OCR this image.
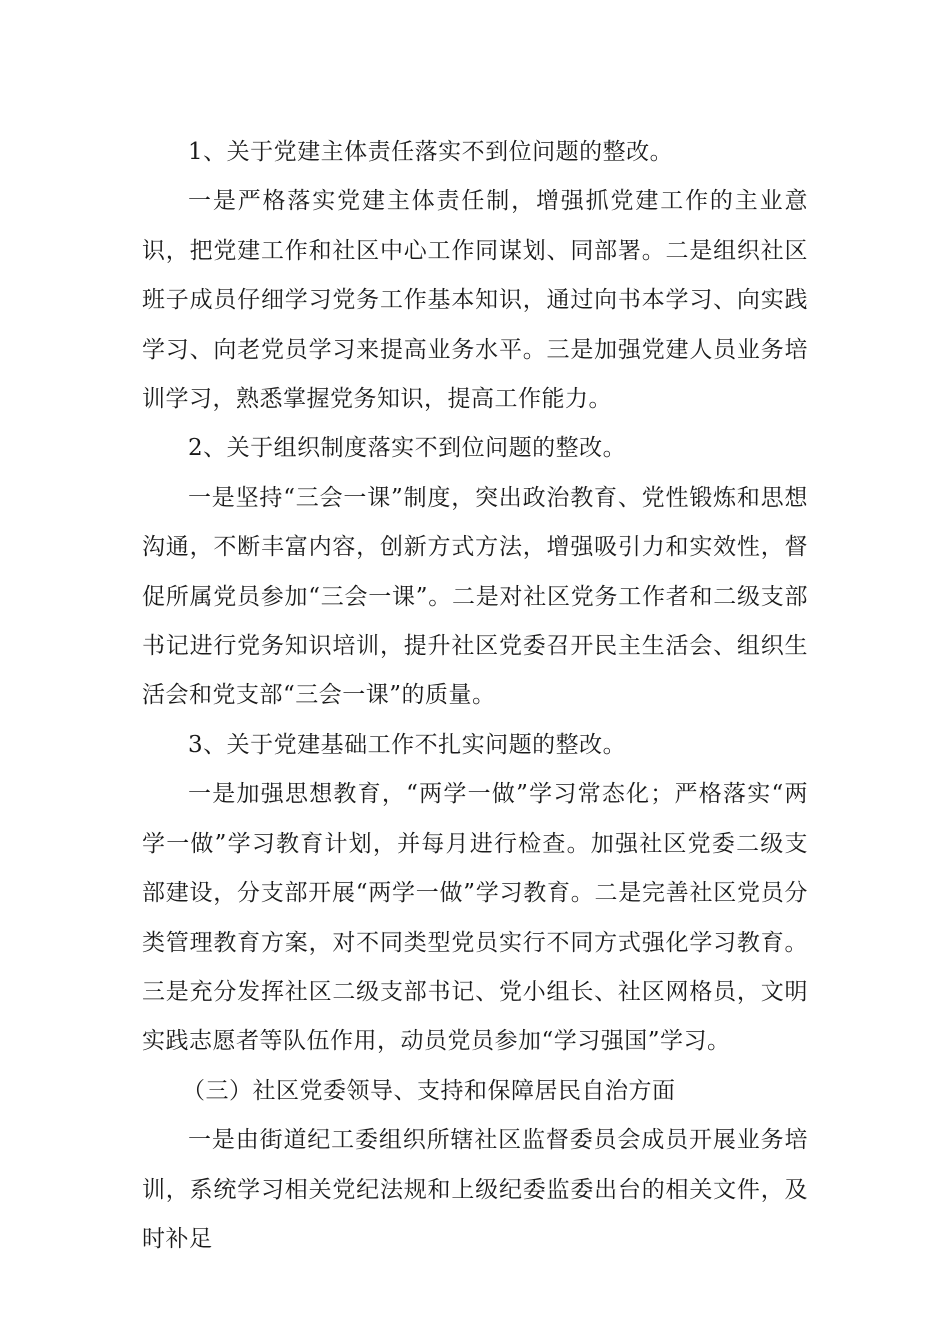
1、关于党建主体责任落实不到位问题的整改。

一是严格落实党建主体责任制，增强抓党建工作的主业意识，把党建工作和社区中心工作同谋划、同部署。二是组织社区班子成员仔细学习党务工作基本知识，通过向书本学习、向实践学习、向老党员学习来提高业务水平。三是加强党建人员业务培训学习，熟悉掌握党务知识，提高工作能力。

2、关于组织制度落实不到位问题的整改。

一是坚持“三会一课”制度，突出政治教育、党性锻炼和思想沟通，不断丰富内容，创新方式方法，增强吸引力和实效性，督促所属党员参加“三会一课”。二是对社区党务工作者和二级支部书记进行党务知识培训，提升社区党委召开民主生活会、组织生活会和党支部“三会一课”的质量。

3、关于党建基础工作不扎实问题的整改。

一是加强思想教育，“两学一做”学习常态化；严格落实“两学一做”学习教育计划，并每月进行检查。加强社区党委二级支部建设，分支部开展“两学一做”学习教育。二是完善社区党员分类管理教育方案，对不同类型党员实行不同方式强化学习教育。三是充分发挥社区二级支部书记、党小组长、社区网格员，文明实践志愿者等队伍作用，动员党员参加“学习强国”学习。

（三）社区党委领导、支持和保障居民自治方面

一是由街道纪工委组织所辖社区监督委员会成员开展业务培训，系统学习相关党纪法规和上级纪委监委出台的相关文件，及时补足
